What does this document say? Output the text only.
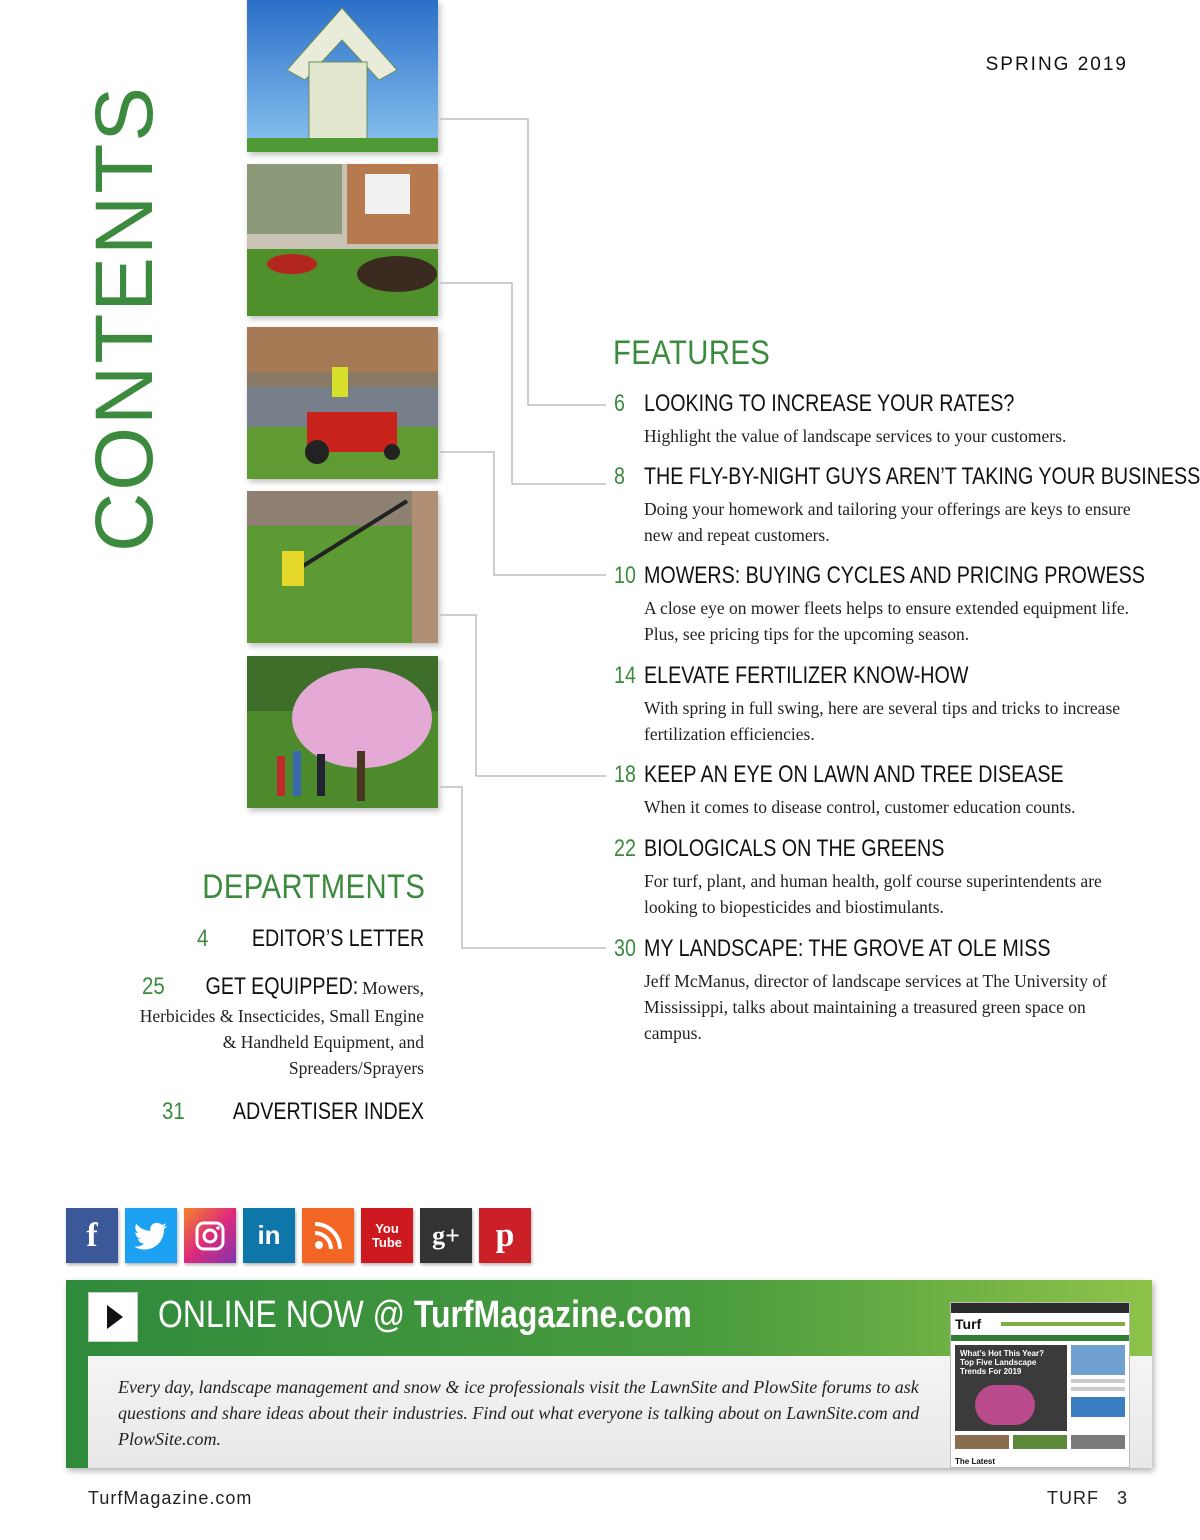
SPRING 2019
CONTENTS	FEATURES
6 LOOKING TO INCREASE YOUR RATES?
Highlight the value of landscape services to your customers.
8 THE FLY-BY-NIGHT GUYS AREN’T TAKING YOUR BUSINESS
Doing your homework and tailoring your offerings are keys to ensure new and repeat customers.
10 MOWERS: BUYING CYCLES AND PRICING PROWESS
A close eye on mower fleets helps to ensure extended equipment life. Plus, see pricing tips for the upcoming season.
14 ELEVATE FERTILIZER KNOW-HOW
With spring in full swing, here are several tips and tricks to increase fertilization efficiencies.
18 KEEP AN EYE ON LAWN AND TREE DISEASE
When it comes to disease control, customer education counts.
22 BIOLOGICALS ON THE GREENS
For turf, plant, and human health, golf course superintendents are looking to biopesticides and biostimulants.
30 MY LANDSCAPE: THE GROVE AT OLE MISS
Jeff McManus, director of landscape services at The University of Mississippi, talks about maintaining a treasured green space on campus.
DEPARTMENTS
4 EDITOR’S LETTER
25 GET EQUIPPED: Mowers,
Herbicides & Insecticides, Small Engine & Handheld Equipment, and Spreaders/Sprayers
31 ADVERTISER INDEX
f	in	You Tube g+ p
ONLINE NOW @ TurfMagazine.com
Every day, landscape management and snow & ice professionals visit the LawnSite and PlowSite forums to ask questions and share ideas about their industries. Find out what everyone is talking about on LawnSite.com and PlowSite.com.
Turf
What’s Hot This Year? Top Five Landscape Trends For 2019
The Latest
TurfMagazine.com	TURF 3
